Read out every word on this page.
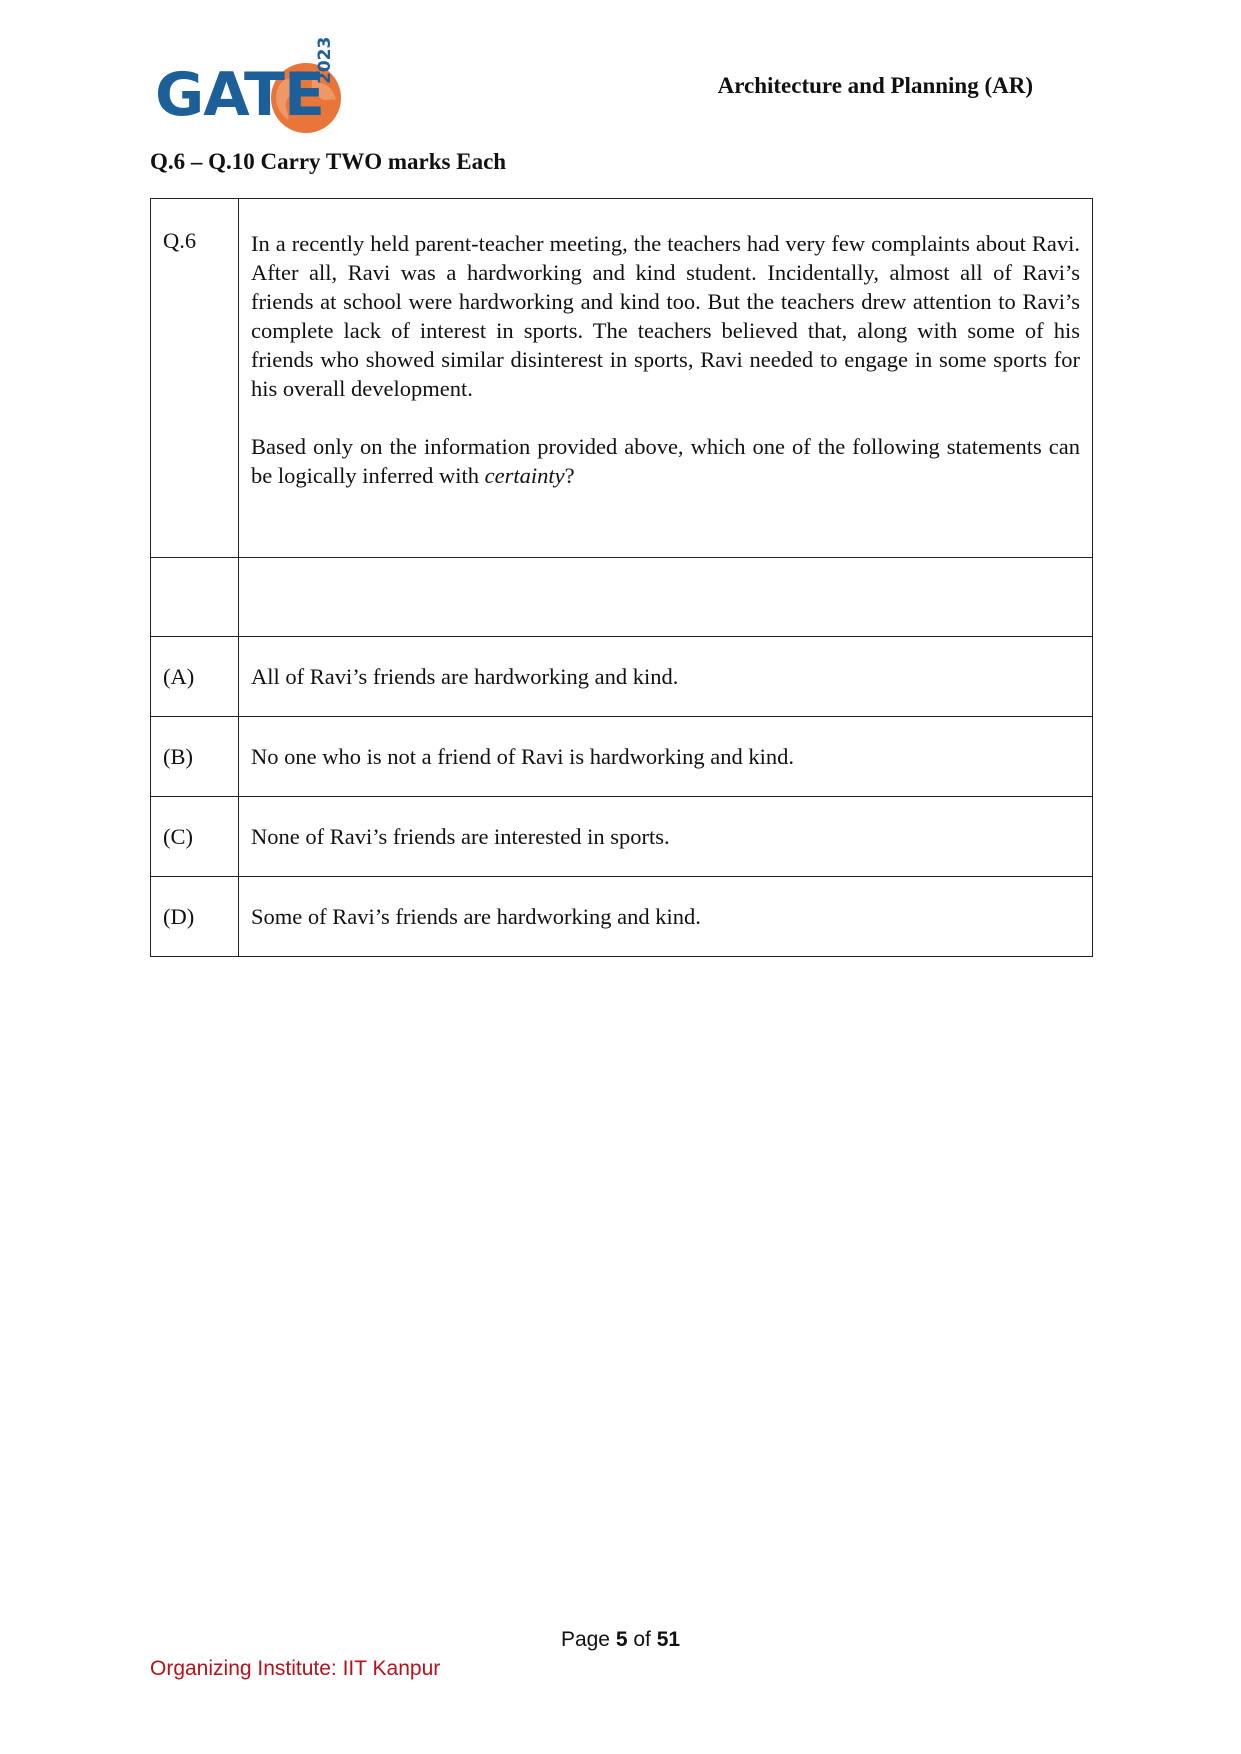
GATE
2023
Architecture and Planning (AR)
Q.6 – Q.10 Carry TWO marks Each
Q.6	In a recently held parent-teacher meeting, the teachers had very few complaints about Ravi. After all, Ravi was a hardworking and kind student. Incidentally, almost all of Ravi’s friends at school were hardworking and kind too. But the teachers drew attention to Ravi’s complete lack of interest in sports. The teachers believed that, along with some of his friends who showed similar disinterest in sports, Ravi needed to engage in some sports for his overall development.

Based only on the information provided above, which one of the following statements can be logically inferred with certainty?

(A)	All of Ravi’s friends are hardworking and kind.
(B)	No one who is not a friend of Ravi is hardworking and kind.
(C)	None of Ravi’s friends are interested in sports.
(D)	Some of Ravi’s friends are hardworking and kind.
Page 5 of 51
Organizing Institute: IIT Kanpur
